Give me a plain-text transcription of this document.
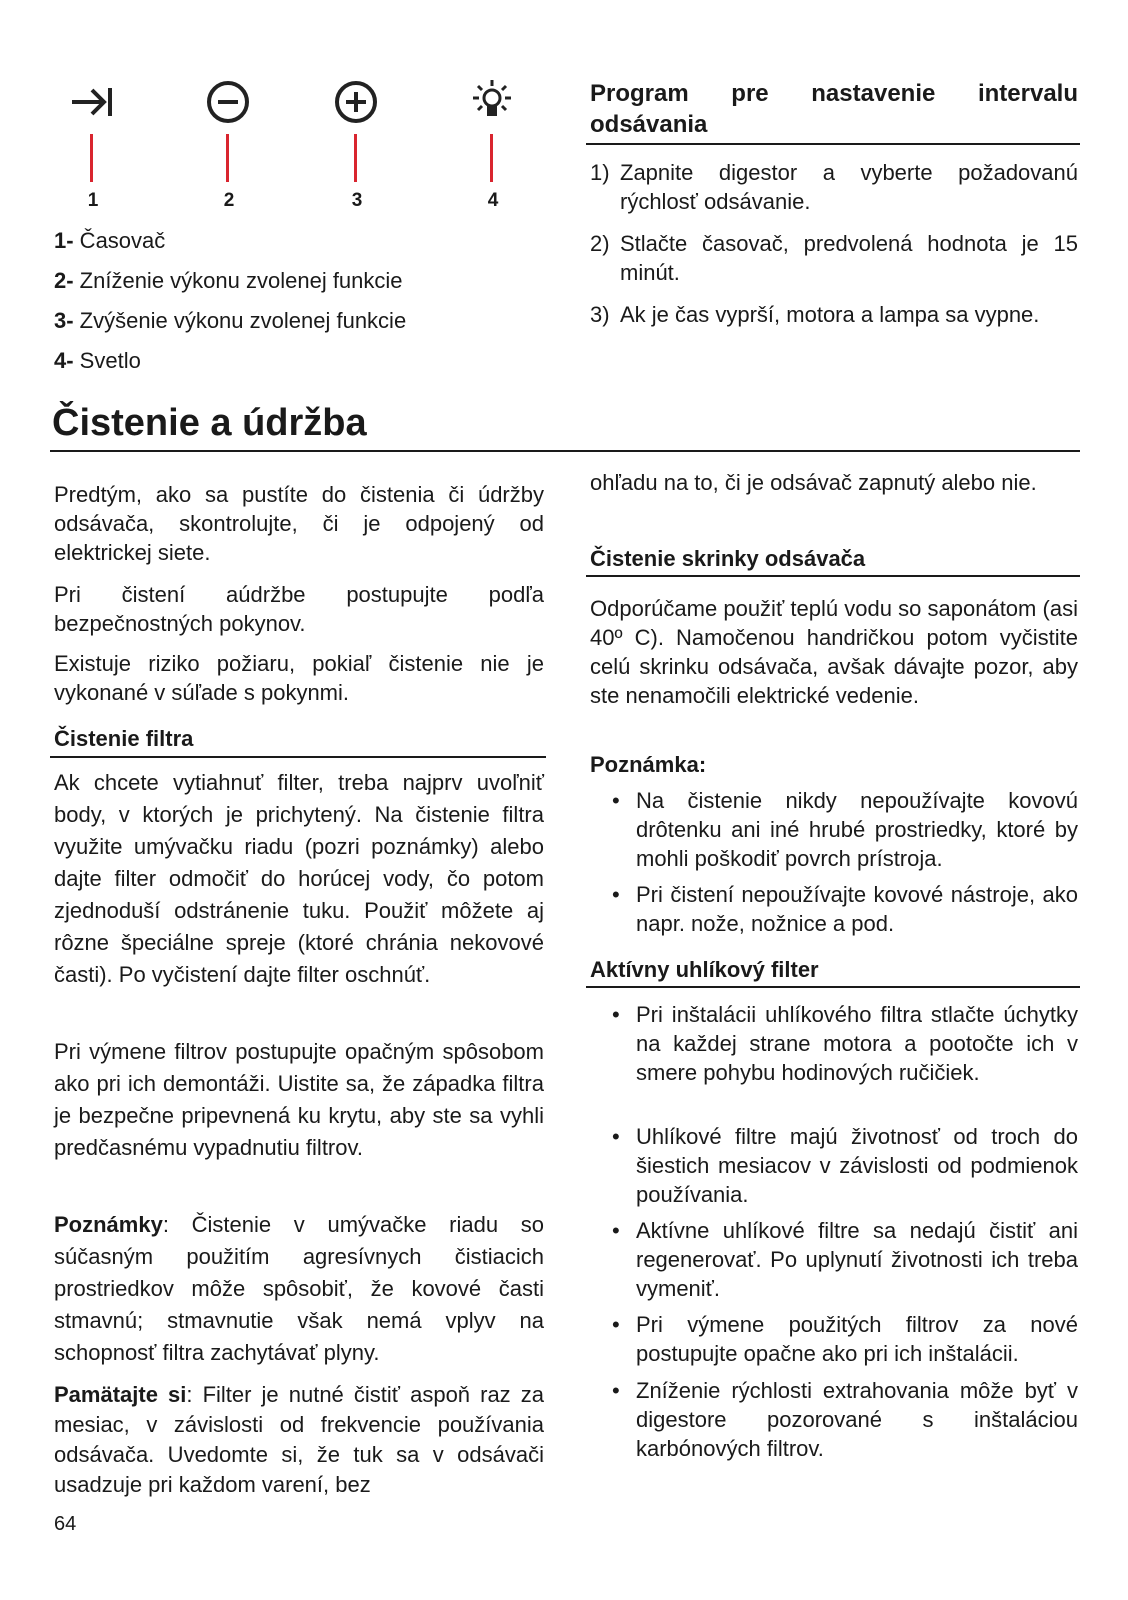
1	2	3	4
1- Časovač
2- Zníženie výkonu zvolenej funkcie
3- Zvýšenie výkonu zvolenej funkcie
4- Svetlo
Program pre nastavenie intervalu odsávania
1) Zapnite digestor a vyberte požadovanú rýchlosť odsávanie.
2) Stlačte časovač, predvolená hodnota je 15 minút.
3) Ak je čas vyprší, motora a lampa sa vypne.
Čistenie a údržba
Predtým, ako sa pustíte do čistenia či údržby odsávača, skontrolujte, či je odpojený od elektrickej siete.
Pri čistení aúdržbe postupujte podľa bezpečnostných pokynov.
Existuje riziko požiaru, pokiaľ čistenie nie je vykonané v súľade s pokynmi.
Čistenie filtra
Ak chcete vytiahnuť filter, treba najprv uvoľniť body, v ktorých je prichytený. Na čistenie filtra využite umývačku riadu (pozri poznámky) alebo dajte filter odmočiť do horúcej vody, čo potom zjednoduší odstránenie tuku. Použiť môžete aj rôzne špeciálne spreje (ktoré chránia nekovové časti). Po vyčistení dajte filter oschnúť.
Pri výmene filtrov postupujte opačným spôsobom ako pri ich demontáži. Uistite sa, že západka filtra je bezpečne pripevnená ku krytu, aby ste sa vyhli predčasnému vypadnutiu filtrov.
Poznámky: Čistenie v umývačke riadu so súčasným použitím agresívnych čistiacich prostriedkov môže spôsobiť, že kovové časti stmavnú; stmavnutie však nemá vplyv na schopnosť filtra zachytávať plyny.
Pamätajte si: Filter je nutné čistiť aspoň raz za mesiac, v závislosti od frekvencie používania odsávača. Uvedomte si, že tuk sa v odsávači usadzuje pri každom varení, bez
64
ohľadu na to, či je odsávač zapnutý alebo nie.
Čistenie skrinky odsávača
Odporúčame použiť teplú vodu so saponátom (asi 40º C). Namočenou handričkou potom vyčistite celú skrinku odsávača, avšak dávajte pozor, aby ste nenamočili elektrické vedenie.
Poznámka:
• Na čistenie nikdy nepoužívajte kovovú drôtenku ani iné hrubé prostriedky, ktoré by mohli poškodiť povrch prístroja.
• Pri čistení nepoužívajte kovové nástroje, ako napr. nože, nožnice a pod.
Aktívny uhlíkový filter
• Pri inštalácii uhlíkového filtra stlačte úchytky na každej strane motora a pootočte ich v smere pohybu hodinových ručičiek.
• Uhlíkové filtre majú životnosť od troch do šiestich mesiacov v závislosti od podmienok používania.
• Aktívne uhlíkové filtre sa nedajú čistiť ani regenerovať. Po uplynutí životnosti ich treba vymeniť.
• Pri výmene použitých filtrov za nové postupujte opačne ako pri ich inštalácii.
• Zníženie rýchlosti extrahovania môže byť v digestore pozorované s inštaláciou karbónových filtrov.
